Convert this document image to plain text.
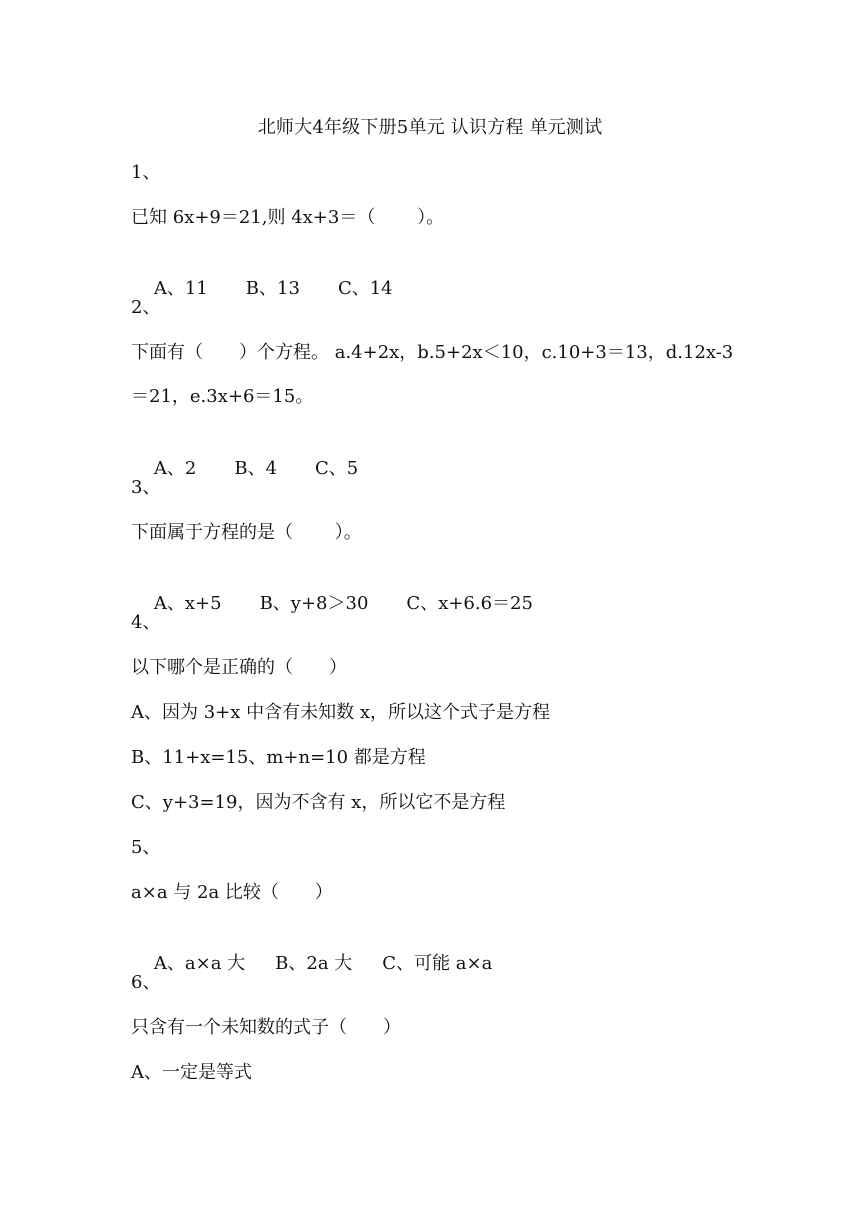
北师大4年级下册5单元 认识方程 单元测试
1、
已知 6x+9＝21,则 4x+3＝（　　 ）。

A、11 B、13 C、14

2、
下面有（　　）个方程。 a.4+2x，b.5+2x＜10，c.10+3＝13，d.12x-3
＝21，e.3x+6＝15。

A、2 B、4 C、5

3、
下面属于方程的是（　　 ）。

A、x+5 B、y+8＞30 C、x+6.6＝25

4、
以下哪个是正确的（　　）
A、因为 3+x 中含有未知数 x，所以这个式子是方程
B、11+x=15、m+n=10 都是方程
C、y+3=19，因为不含有 x，所以它不是方程
5、
a×a 与 2a 比较（　　）

A、a×a 大 B、2a 大 C、可能 a×a

6、
只含有一个未知数的式子（　　）
A、一定是等式
